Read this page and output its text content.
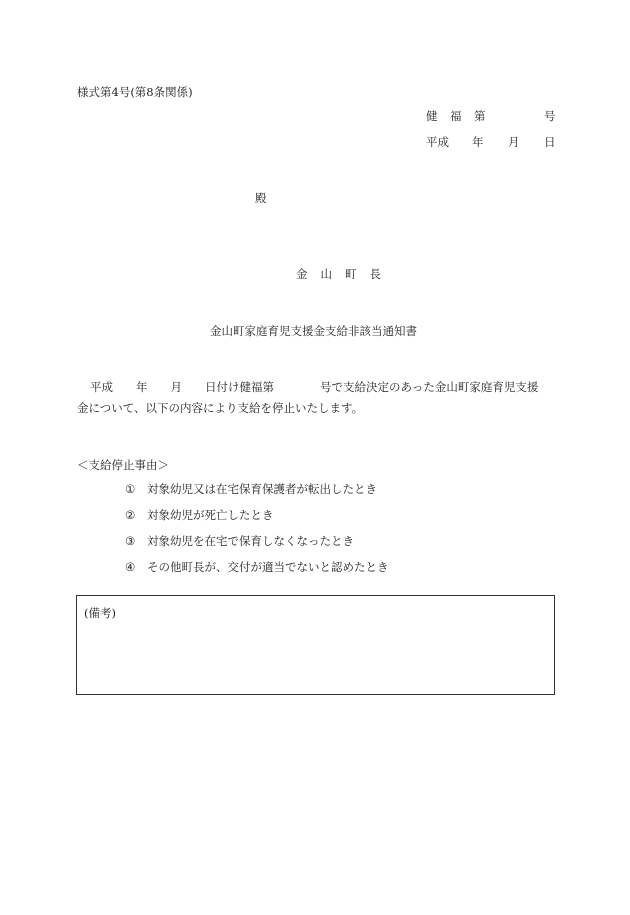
様式第4号(第8条関係)
健 福 第	号
平成 年 月 日
殿
金 山 町 長
金山町家庭育児支援金支給非該当通知書
平成　　年　　月　　日付け健福第　　　　号で支給決定のあった金山町家庭育児支援
金について、以下の内容により支給を停止いたします。
＜支給停止事由＞
① 対象幼児又は在宅保育保護者が転出したとき
② 対象幼児が死亡したとき
③ 対象幼児を在宅で保育しなくなったとき
④ その他町長が、交付が適当でないと認めたとき
(備考)
